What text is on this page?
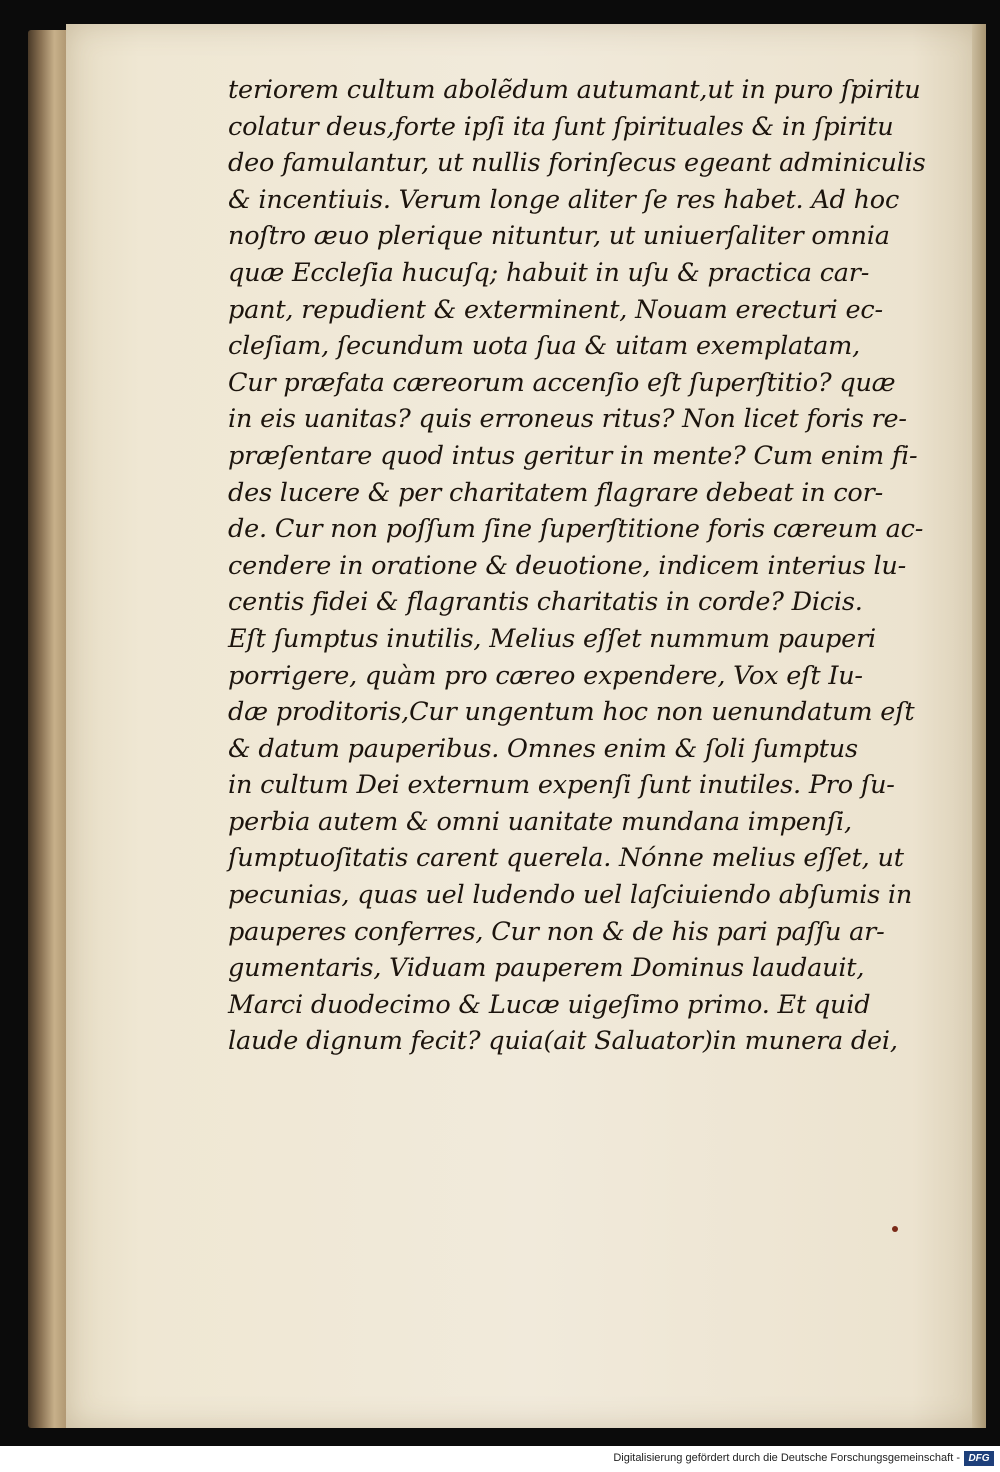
teriorem cultum abolẽdum autumant,ut in puro ſpiritu
colatur deus,forte ipſi ita ſunt ſpirituales & in ſpiritu
deo famulantur, ut nullis forinſecus egeant adminiculis
& incentiuis. Verum longe aliter ſe res habet. Ad hoc
noſtro æuo plerique nituntur, ut uniuerſaliter omnia
quæ Eccleſia hucuſq; habuit in uſu & practica car-
pant, repudient & exterminent, Nouam erecturi ec-
cleſiam, ſecundum uota ſua & uitam exemplatam,
Cur præfata cæreorum accenſio eſt ſuperſtitio? quæ
in eis uanitas? quis erroneus ritus? Non licet foris re-
præſentare quod intus geritur in mente? Cum enim fi-
des lucere & per charitatem flagrare debeat in cor-
de. Cur non poſſum ſine ſuperſtitione foris cæreum ac-
cendere in oratione & deuotione, indicem interius lu-
centis fidei & flagrantis charitatis in corde? Dicis.
Eſt ſumptus inutilis, Melius eſſet nummum pauperi
porrigere, quàm pro cæreo expendere, Vox eſt Iu-
dæ proditoris,Cur ungentum hoc non uenundatum eſt
& datum pauperibus. Omnes enim & ſoli ſumptus
in cultum Dei externum expenſi ſunt inutiles. Pro ſu-
perbia autem & omni uanitate mundana impenſi,
ſumptuoſitatis carent querela. Nónne melius eſſet, ut
pecunias, quas uel ludendo uel laſciuiendo abſumis in
pauperes conferres, Cur non & de his pari paſſu ar-
gumentaris, Viduam pauperem Dominus laudauit,
Marci duodecimo & Lucæ uigeſimo primo. Et quid
laude dignum fecit? quia(ait Saluator)in munera dei,
Digitalisierung gefördert durch die Deutsche Forschungsgemeinschaft - DFG
